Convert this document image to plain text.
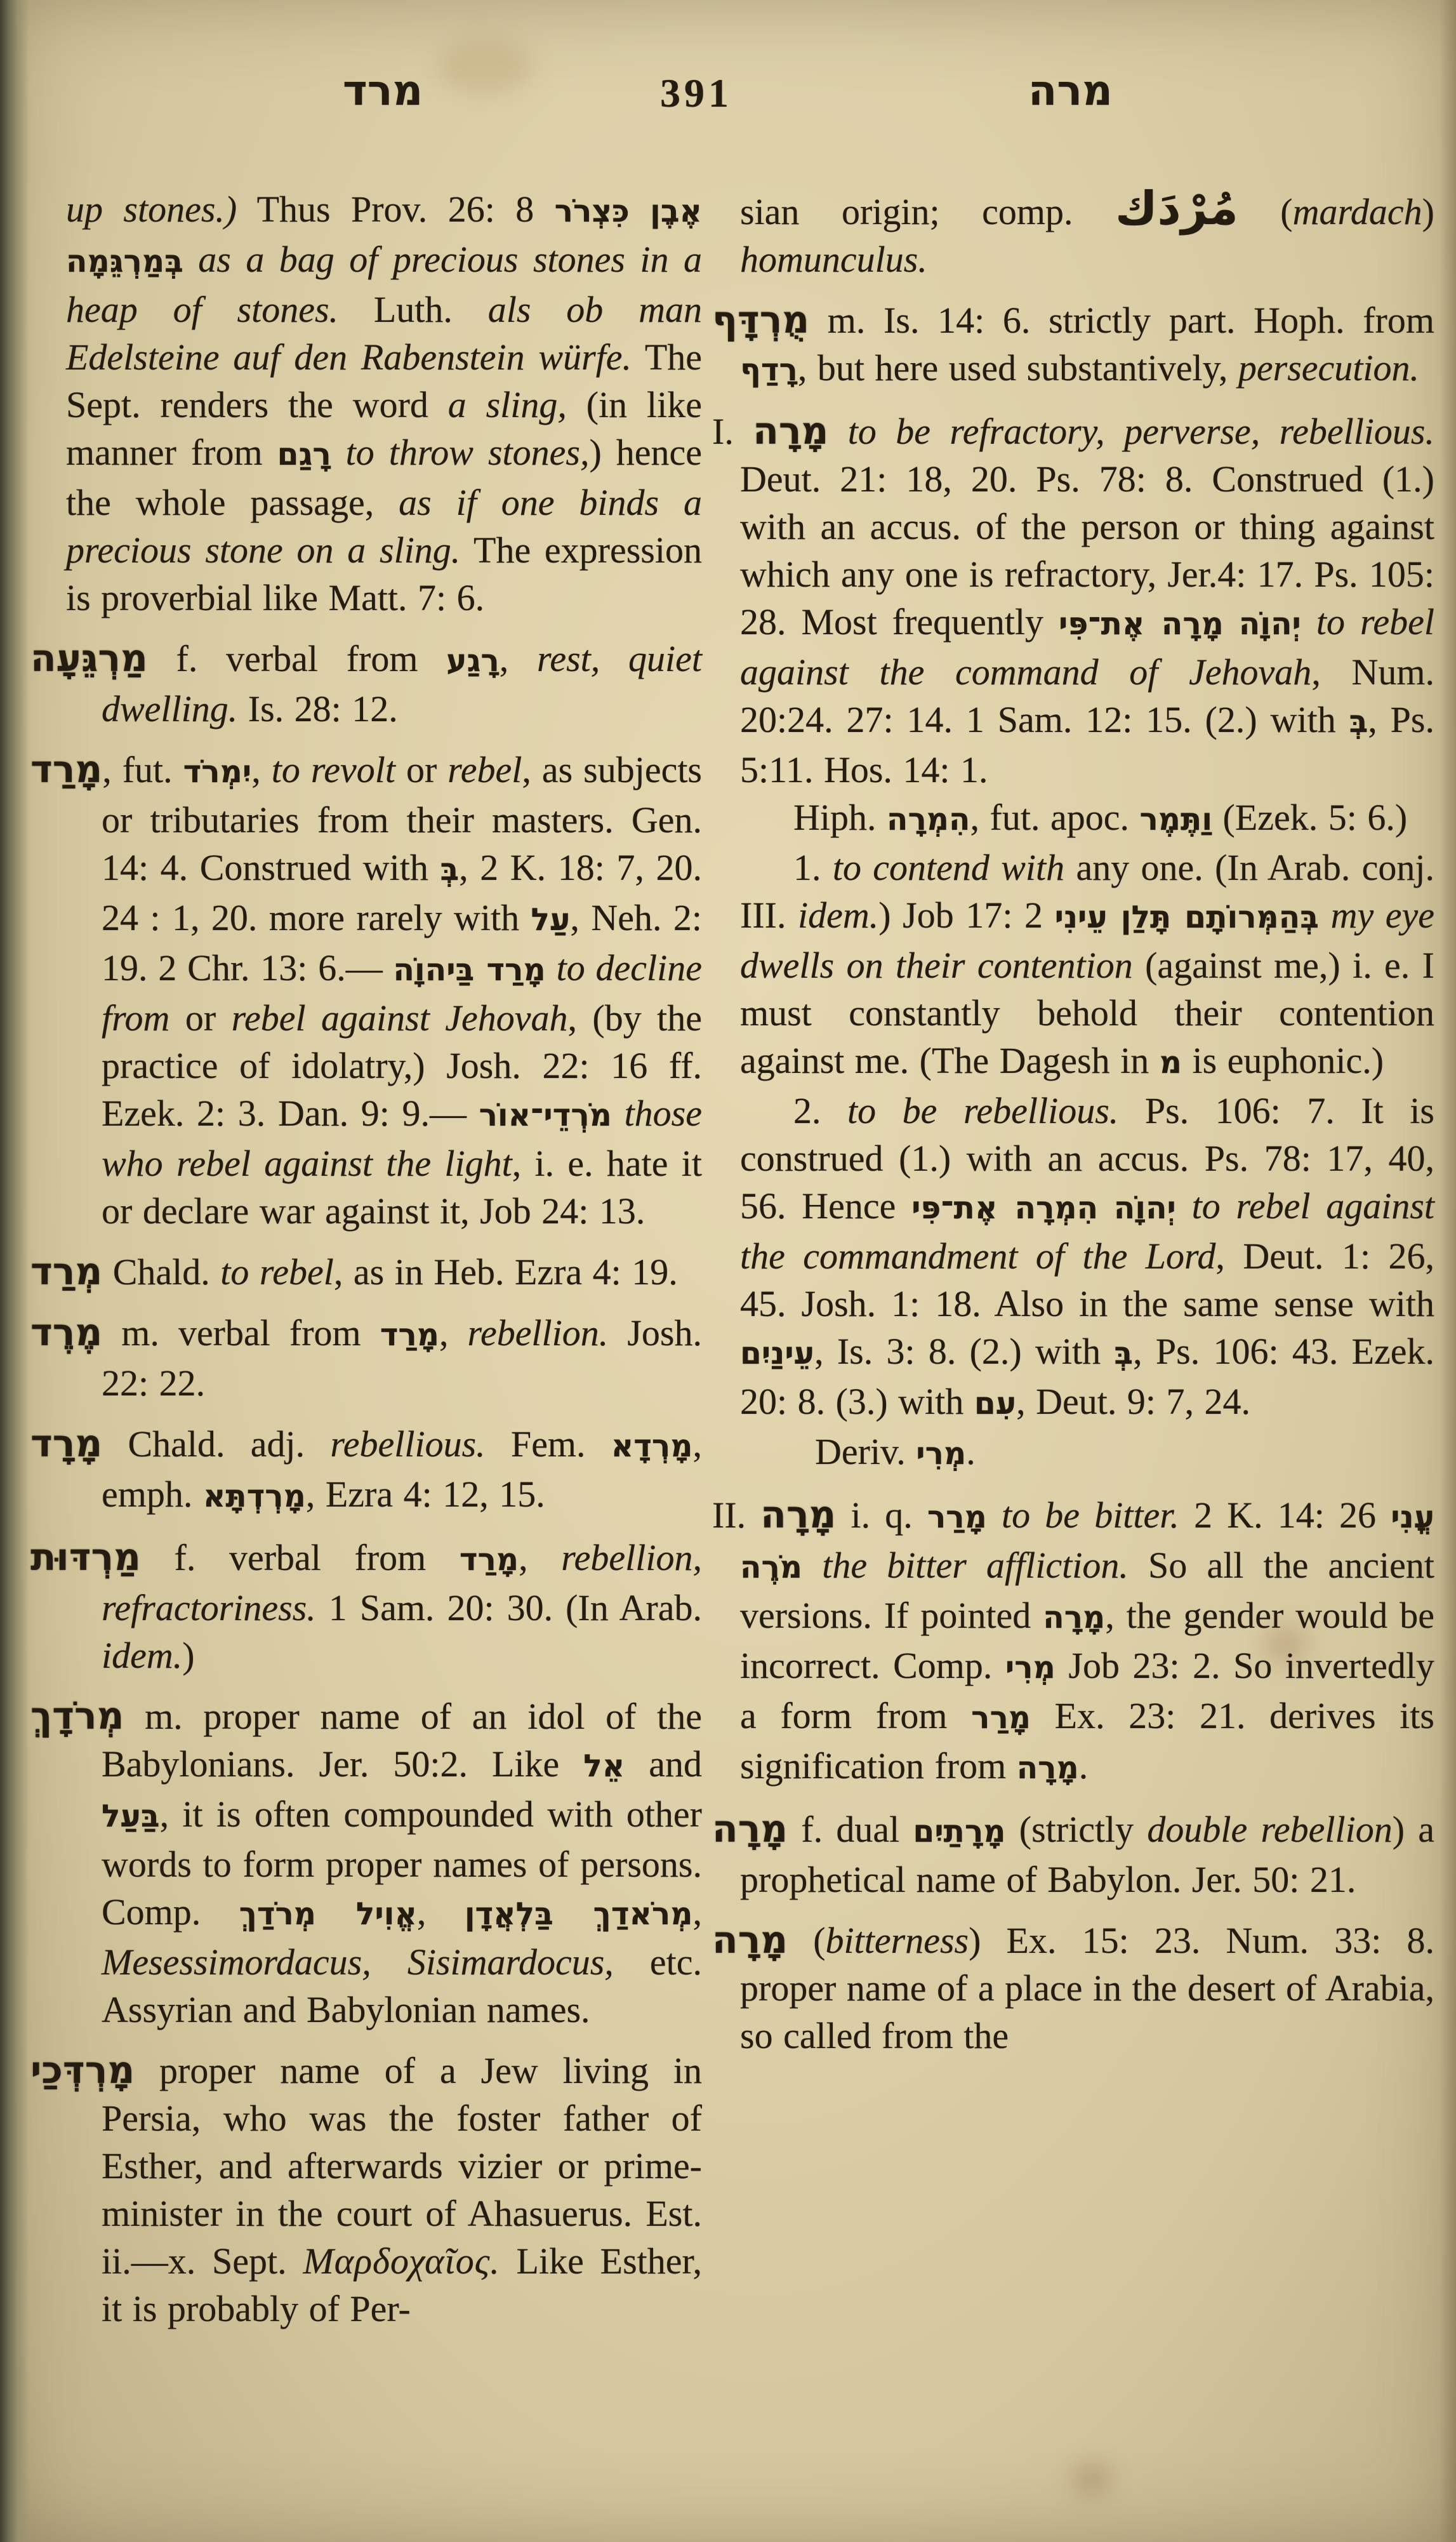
מרד	391	מרה

up stones.) Thus Prov. 26: 8 כִּצְרֹר אֶבֶן בְּמַרְגֵּמָה as a bag of precious stones in a heap of stones. Luth. als ob man Edelsteine auf den Rabenstein würfe. The Sept. renders the word a sling, (in like manner from רָגַם to throw stones,) hence the whole passage, as if one binds a precious stone on a sling. The expression is proverbial like Matt. 7: 6.

מַרְגֵּעָה f. verbal from רָגַע, rest, quiet dwelling. Is. 28: 12.

מָרַד, fut. יִמְרֹד, to revolt or rebel, as subjects or tributaries from their masters. Gen. 14: 4. Construed with בְּ, 2 K. 18: 7, 20. 24 : 1, 20. more rarely with עַל, Neh. 2: 19. 2 Chr. 13: 6.— מָרַד בַּיהוָֹה to decline from or rebel against Jehovah, (by the practice of idolatry,) Josh. 22: 16 ff. Ezek. 2: 3. Dan. 9: 9.— מֹרְדֵי־אוֹר those who rebel against the light, i. e. hate it or declare war against it, Job 24: 13.

מְרַד Chald. to rebel, as in Heb. Ezra 4: 19.

מֶרֶד m. verbal from מָרַד, rebellion. Josh. 22: 22.

מָרָד Chald. adj. rebellious. Fem. מָרְדָא, emph. מָרְדְתָּא, Ezra 4: 12, 15.

מַרְדּוּת f. verbal from מָרַד, rebellion, refractoriness. 1 Sam. 20: 30. (In Arab. idem.)

מְרֹדָךְ m. proper name of an idol of the Babylonians. Jer. 50:2. Like אֵל and בַּעַל, it is often compounded with other words to form proper names of persons. Comp. אֱוִיל מְרֹדַךְ, מְרֹאדַךְ בַּלְאֲדָן, Mesessimordacus, Sisimardocus, etc. Assyrian and Babylonian names.

מָרְדְּכַי proper name of a Jew living in Persia, who was the foster father of Esther, and afterwards vizier or prime-minister in the court of Ahasuerus. Est. ii.—x. Sept. Μαρδοχαῖος. Like Esther, it is probably of Per-

sian origin; comp. مُرْدَك (mardach) homunculus.

מֻרְדָּף m. Is. 14: 6. strictly part. Hoph. from רָדַף, but here used substantively, persecution.

I. מָרָה to be refractory, perverse, rebellious. Deut. 21: 18, 20. Ps. 78: 8. Construed (1.) with an accus. of the person or thing against which any one is refractory, Jer.4: 17. Ps. 105: 28. Most frequently מָרָה אֶת־פִּי יְהוָֹה to rebel against the command of Jehovah, Num. 20:24. 27: 14. 1 Sam. 12: 15. (2.) with בְּ, Ps. 5:11. Hos. 14: 1.

Hiph. הִמְרָה, fut. apoc. וַתֶּמֶר (Ezek. 5: 6.)

1. to contend with any one. (In Arab. conj. III. idem.) Job 17: 2 בְּהַמְּרוֹתָם תָּלַן עֵינִי my eye dwells on their contention (against me,) i. e. I must constantly behold their contention against me. (The Dagesh in מ is euphonic.)

2. to be rebellious. Ps. 106: 7. It is construed (1.) with an accus. Ps. 78: 17, 40, 56. Hence הִמְרָה אֶת־פִּי יְהוָֹה to rebel against the commandment of the Lord, Deut. 1: 26, 45. Josh. 1: 18. Also in the same sense with עֵינַיִם, Is. 3: 8. (2.) with בְּ, Ps. 106: 43. Ezek. 20: 8. (3.) with עִם, Deut. 9: 7, 24.

Deriv. מְרִי.

II. מָרָה i. q. מָרַר to be bitter. 2 K. 14: 26 עֳנִי מֹרֶה the bitter affliction. So all the ancient versions. If pointed מָרָה, the gender would be incorrect. Comp. מְרִי Job 23: 2. So invertedly a form from מָרַר Ex. 23: 21. derives its signification from מָרָה.

מָרָה f. dual מָרָתַיִם (strictly double rebellion) a prophetical name of Babylon. Jer. 50: 21.

מָרָה (bitterness) Ex. 15: 23. Num. 33: 8. proper name of a place in the desert of Arabia, so called from the
